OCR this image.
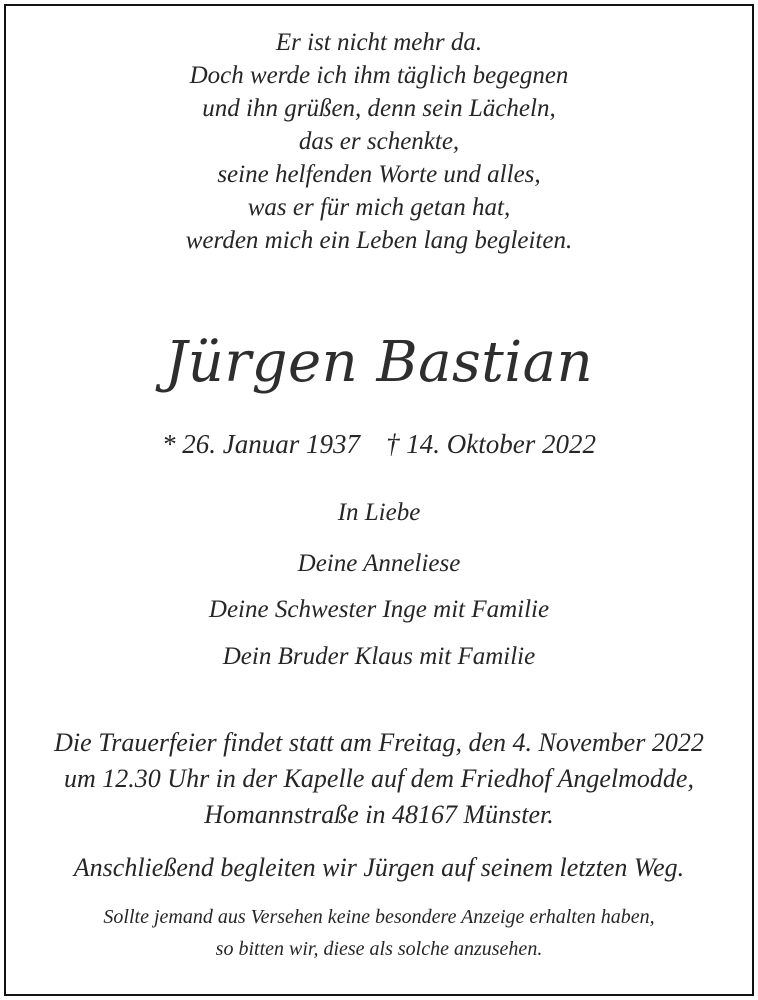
Er ist nicht mehr da.
Doch werde ich ihm täglich begegnen
und ihn grüßen, denn sein Lächeln,
das er schenkte,
seine helfenden Worte und alles,
was er für mich getan hat,
werden mich ein Leben lang begleiten.
Jürgen Bastian
* 26. Januar 1937 † 14. Oktober 2022
In Liebe
Deine Anneliese
Deine Schwester Inge mit Familie
Dein Bruder Klaus mit Familie
Die Trauerfeier findet statt am Freitag, den 4. November 2022
um 12.30 Uhr in der Kapelle auf dem Friedhof Angelmodde,
Homannstraße in 48167 Münster.
Anschließend begleiten wir Jürgen auf seinem letzten Weg.
Sollte jemand aus Versehen keine besondere Anzeige erhalten haben,
so bitten wir, diese als solche anzusehen.
